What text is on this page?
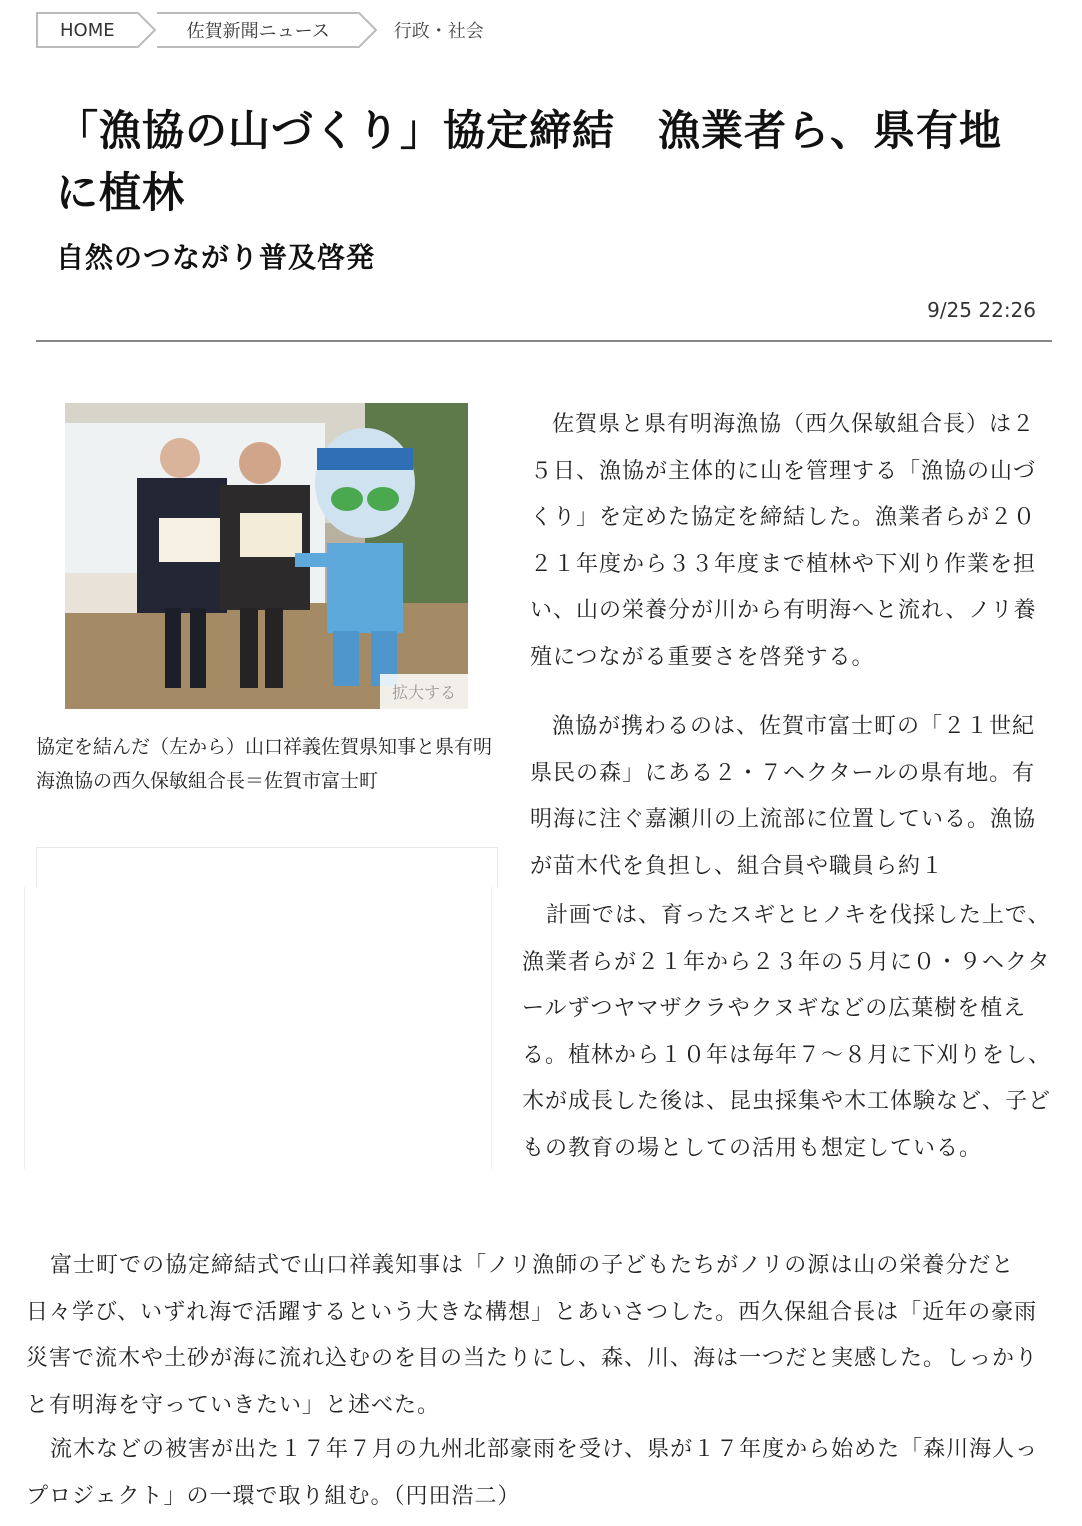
HOME	佐賀新聞ニュース	行政・社会
「漁協の山づくり」協定締結　漁業者ら、県有地に植林
自然のつながり普及啓発
9/25 22:26
拡大する
協定を結んだ（左から）山口祥義佐賀県知事と県有明海漁協の西久保敏組合長＝佐賀市富士町

佐賀県と県有明海漁協（西久保敏組合長）は２５日、漁協が主体的に山を管理する「漁協の山づくり」を定めた協定を締結した。漁業者らが２０２１年度から３３年度まで植林や下刈り作業を担い、山の栄養分が川から有明海へと流れ、ノリ養殖につながる重要さを啓発する。

漁協が携わるのは、佐賀市富士町の「２１世紀県民の森」にある２・７ヘクタールの県有地。有明海に注ぐ嘉瀬川の上流部に位置している。漁協が苗木代を負担し、組合員や職員ら約１

計画では、育ったスギとヒノキを伐採した上で、漁業者らが２１年から２３年の５月に０・９ヘクタールずつヤマザクラやクヌギなどの広葉樹を植える。植林から１０年は毎年７～８月に下刈りをし、木が成長した後は、昆虫採集や木工体験など、子どもの教育の場としての活用も想定している。

富士町での協定締結式で山口祥義知事は「ノリ漁師の子どもたちがノリの源は山の栄養分だと日々学び、いずれ海で活躍するという大きな構想」とあいさつした。西久保組合長は「近年の豪雨災害で流木や土砂が海に流れ込むのを目の当たりにし、森、川、海は一つだと実感した。しっかりと有明海を守っていきたい」と述べた。

流木などの被害が出た１７年７月の九州北部豪雨を受け、県が１７年度から始めた「森川海人っプロジェクト」の一環で取り組む。（円田浩二）
